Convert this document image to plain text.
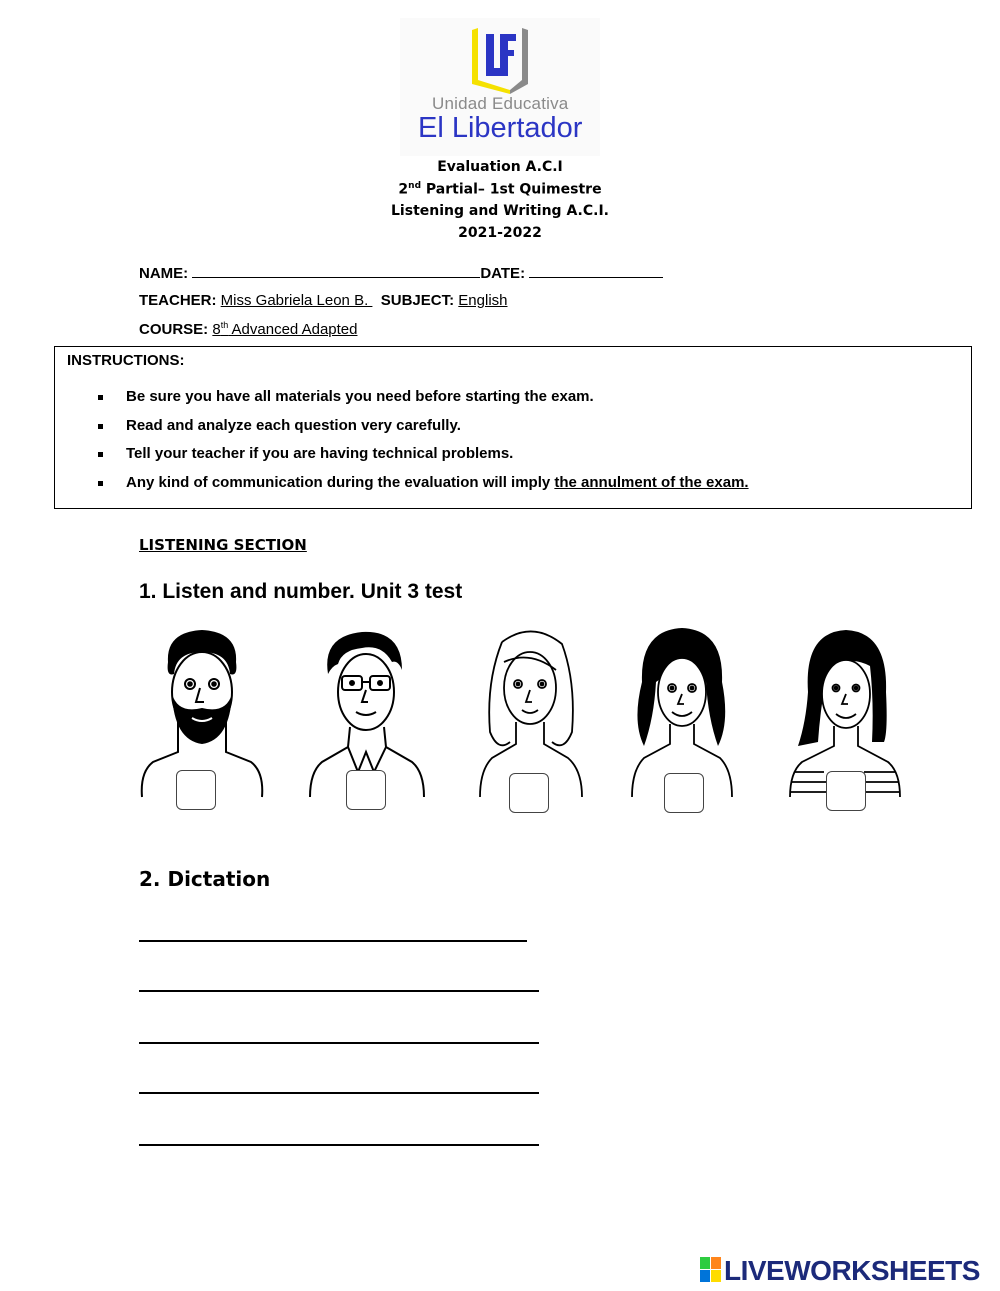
Unidad Educativa
El Libertador
Evaluation A.C.I
2nd Partial– 1st Quimestre
Listening and Writing A.C.I.
2021-2022
NAME:	DATE:
TEACHER: Miss Gabriela Leon B.   SUBJECT: English
COURSE: 8th Advanced Adapted
INSTRUCTIONS:
Be sure you have all materials you need before starting the exam.
Read and analyze each question very carefully.
Tell your teacher if you are having technical problems.
Any kind of communication during the evaluation will imply the annulment of the exam.
LISTENING SECTION
1. Listen and number. Unit 3 test
2. Dictation
LIVEWORKSHEETS
